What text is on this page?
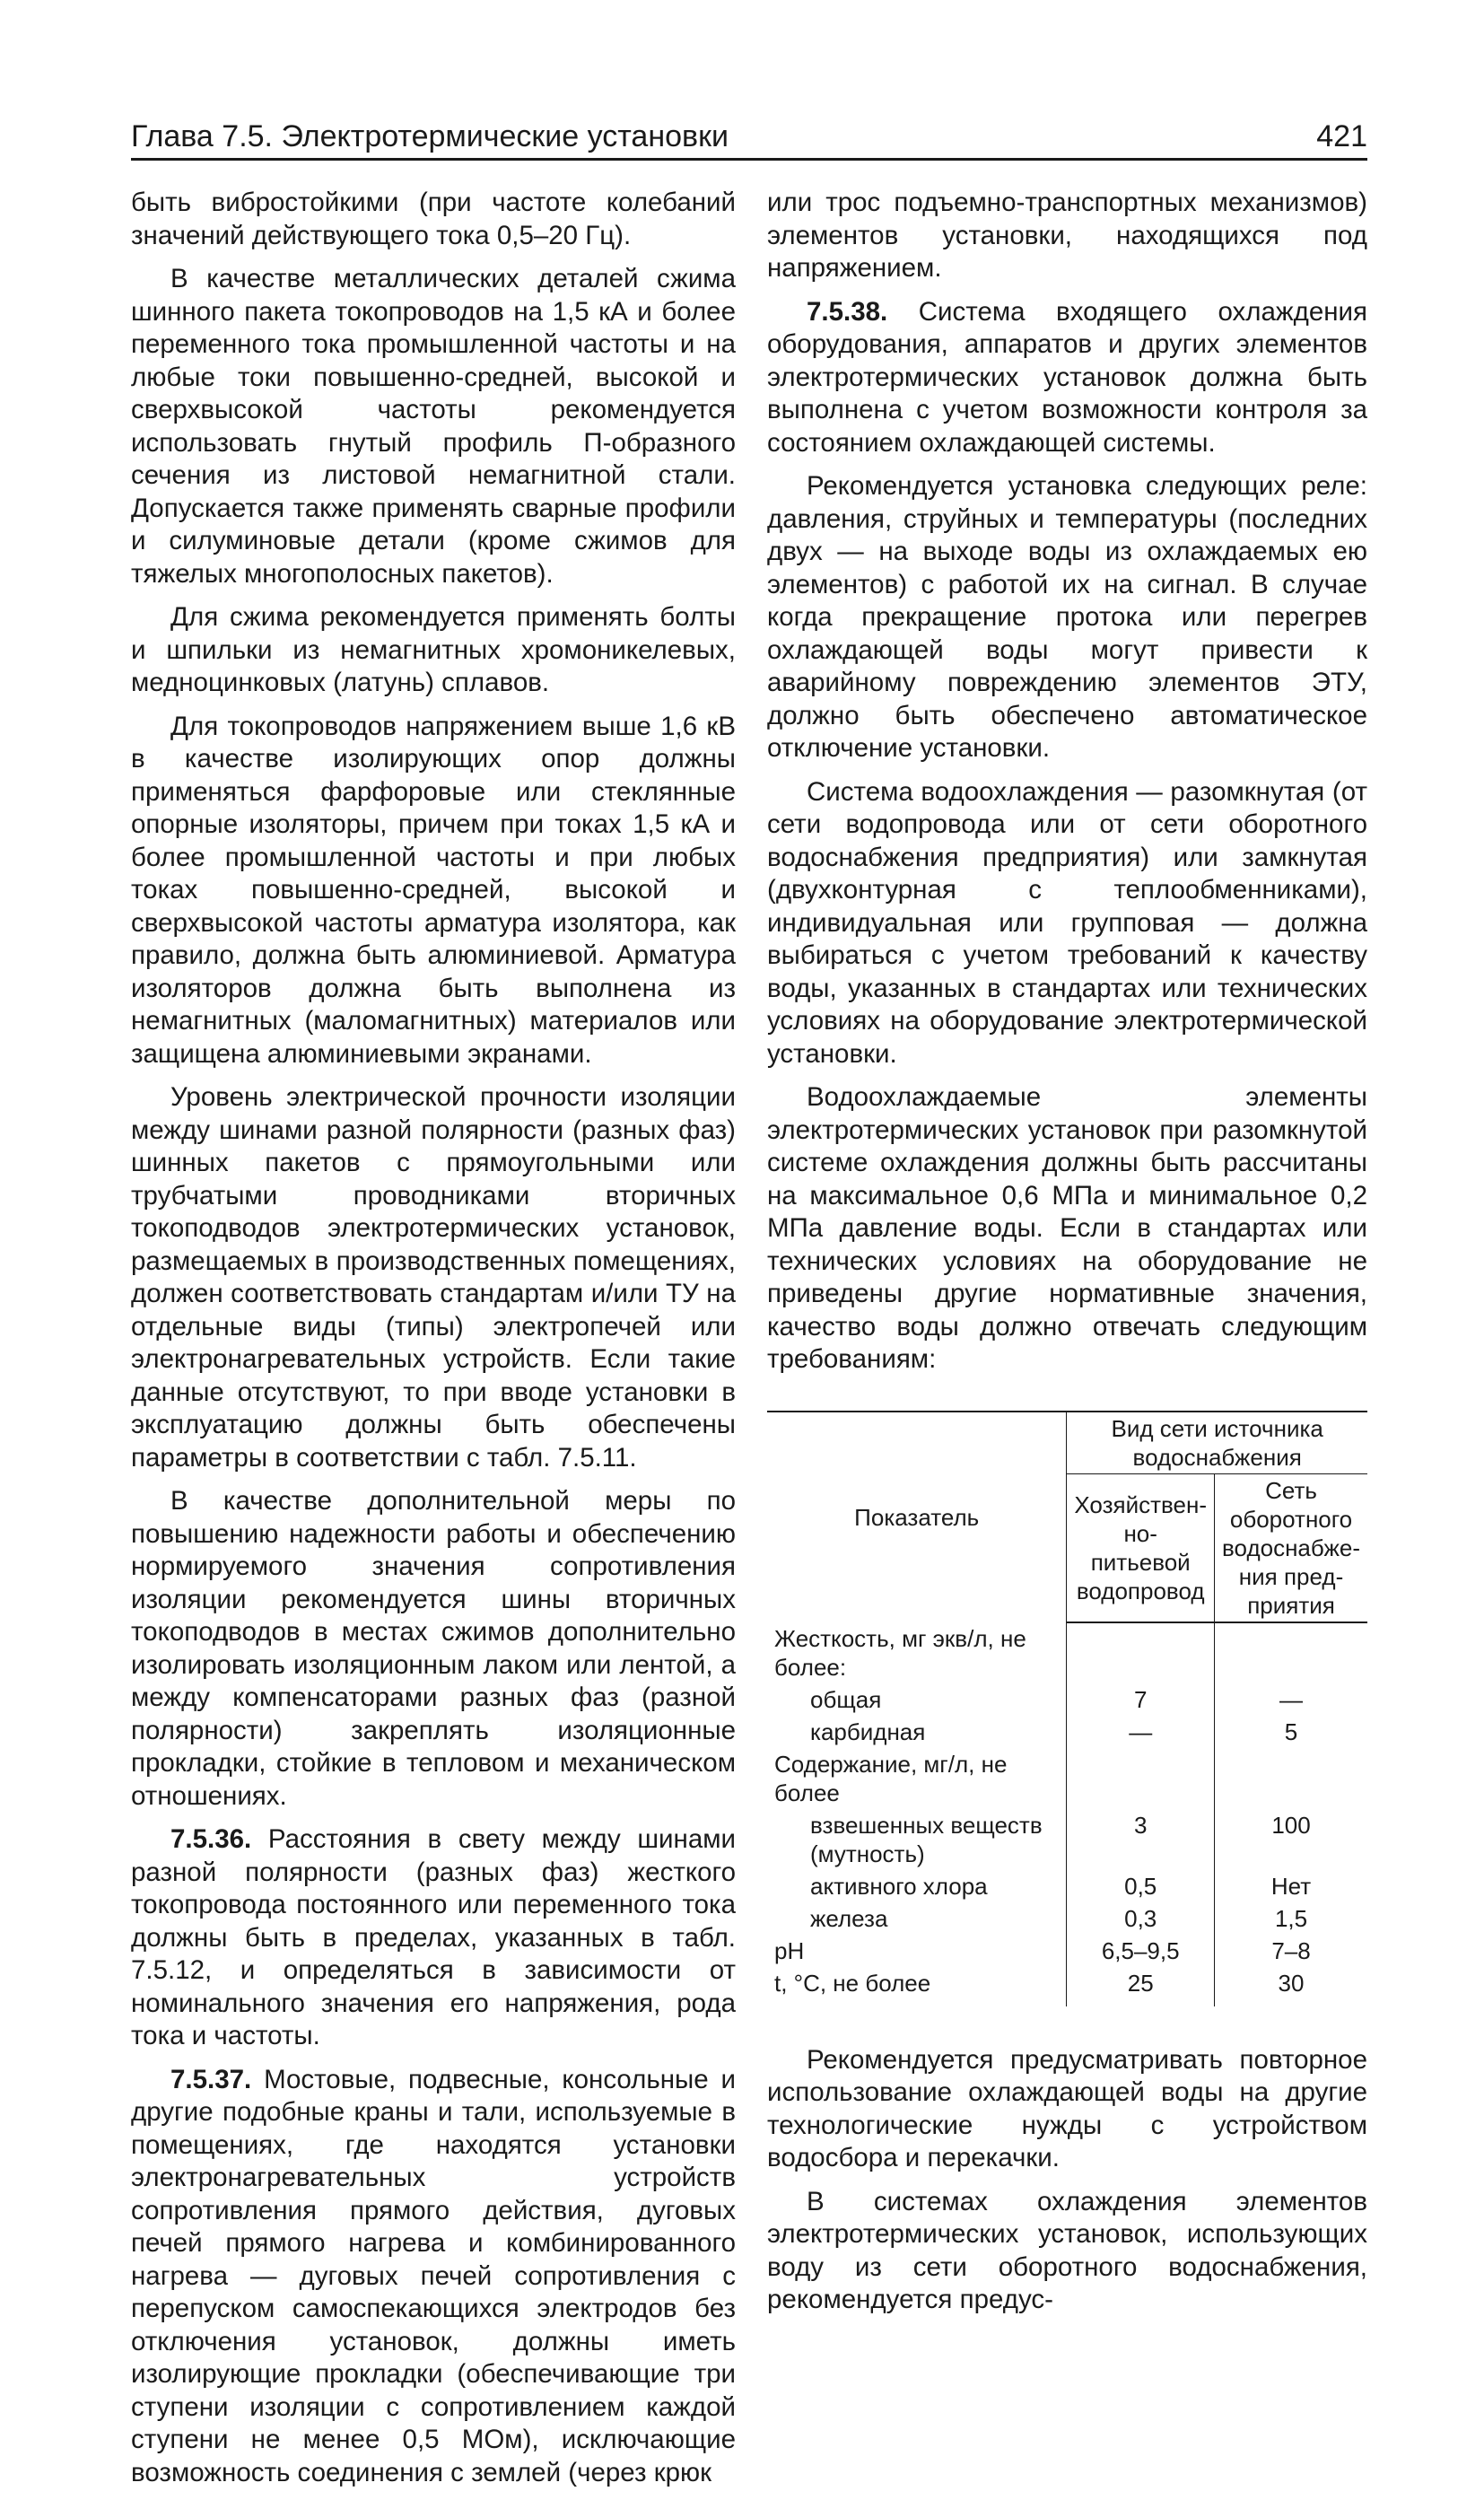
Глава 7.5. Электротермические установки	421

быть вибростойкими (при частоте колебаний значений действующего тока 0,5–20 Гц).

В качестве металлических деталей сжима шинного пакета токопроводов на 1,5 кА и более переменного тока промышленной частоты и на любые токи повышенно-средней, высокой и сверхвысокой частоты рекомендуется использовать гнутый профиль П-образного сечения из листовой немагнитной стали. Допускается также применять сварные профили и силуминовые детали (кроме сжимов для тяжелых многополосных пакетов).

Для сжима рекомендуется применять болты и шпильки из немагнитных хромоникелевых, медноцинковых (латунь) сплавов.

Для токопроводов напряжением выше 1,6 кВ в качестве изолирующих опор должны применяться фарфоровые или стеклянные опорные изоляторы, причем при токах 1,5 кА и более промышленной частоты и при любых токах повышенно-средней, высокой и сверхвысокой частоты арматура изолятора, как правило, должна быть алюминиевой. Арматура изоляторов должна быть выполнена из немагнитных (маломагнитных) материалов или защищена алюминиевыми экранами.

Уровень электрической прочности изоляции между шинами разной полярности (разных фаз) шинных пакетов с прямоугольными или трубчатыми проводниками вторичных токоподводов электротермических установок, размещаемых в производственных помещениях, должен соответствовать стандартам и/или ТУ на отдельные виды (типы) электропечей или электронагревательных устройств. Если такие данные отсутствуют, то при вводе установки в эксплуатацию должны быть обеспечены параметры в соответствии с табл. 7.5.11.

В качестве дополнительной меры по повышению надежности работы и обеспечению нормируемого значения сопротивления изоляции рекомендуется шины вторичных токоподводов в местах сжимов дополнительно изолировать изоляционным лаком или лентой, а между компенсаторами разных фаз (разной полярности) закреплять изоляционные прокладки, стойкие в тепловом и механическом отношениях.

7.5.36. Расстояния в свету между шинами разной полярности (разных фаз) жесткого токопровода постоянного или переменного тока должны быть в пределах, указанных в табл. 7.5.12, и определяться в зависимости от номинального значения его напряжения, рода тока и частоты.

7.5.37. Мостовые, подвесные, консольные и другие подобные краны и тали, используемые в помещениях, где находятся установки электронагревательных устройств сопротивления прямого действия, дуговых печей прямого нагрева и комбинированного нагрева — дуговых печей сопротивления с перепуском самоспекающихся электродов без отключения установок, должны иметь изолирующие прокладки (обеспечивающие три ступени изоляции с сопротивлением каждой ступени не менее 0,5 МОм), исключающие возможность соединения с землей (через крюк

или трос подъемно-транспортных механизмов) элементов установки, находящихся под напряжением.

7.5.38. Система входящего охлаждения оборудования, аппаратов и других элементов электротермических установок должна быть выполнена с учетом возможности контроля за состоянием охлаждающей системы.

Рекомендуется установка следующих реле: давления, струйных и температуры (последних двух — на выходе воды из охлаждаемых ею элементов) с работой их на сигнал. В случае когда прекращение протока или перегрев охлаждающей воды могут привести к аварийному повреждению элементов ЭТУ, должно быть обеспечено автоматическое отключение установки.

Система водоохлаждения — разомкнутая (от сети водопровода или от сети оборотного водоснабжения предприятия) или замкнутая (двухконтурная с теплообменниками), индивидуальная или групповая — должна выбираться с учетом требований к качеству воды, указанных в стандартах или технических условиях на оборудование электротермической установки.

Водоохлаждаемые элементы электротермических установок при разомкнутой системе охлаждения должны быть рассчитаны на максимальное 0,6 МПа и минимальное 0,2 МПа давление воды. Если в стандартах или технических условиях на оборудование не приведены другие нормативные значения, качество воды должно отвечать следующим требованиям:

Показатель	Вид сети источника водоснабжения	
	Хозяйствен-но-питьевой водопровод	Сеть оборотного водоснабже-ния пред-приятия
Жесткость, мг экв/л, не более:		
общая	7	—
карбидная	—	5
Содержание, мг/л, не более		
взвешенных веществ (мутность)	3	100
активного хлора	0,5	Нет
железа	0,3	1,5
pH	6,5–9,5	7–8
t, °С, не более	25	30

Рекомендуется предусматривать повторное использование охлаждающей воды на другие технологические нужды с устройством водосбора и перекачки.

В системах охлаждения элементов электротермических установок, использующих воду из сети оборотного водоснабжения, рекомендуется предус-
